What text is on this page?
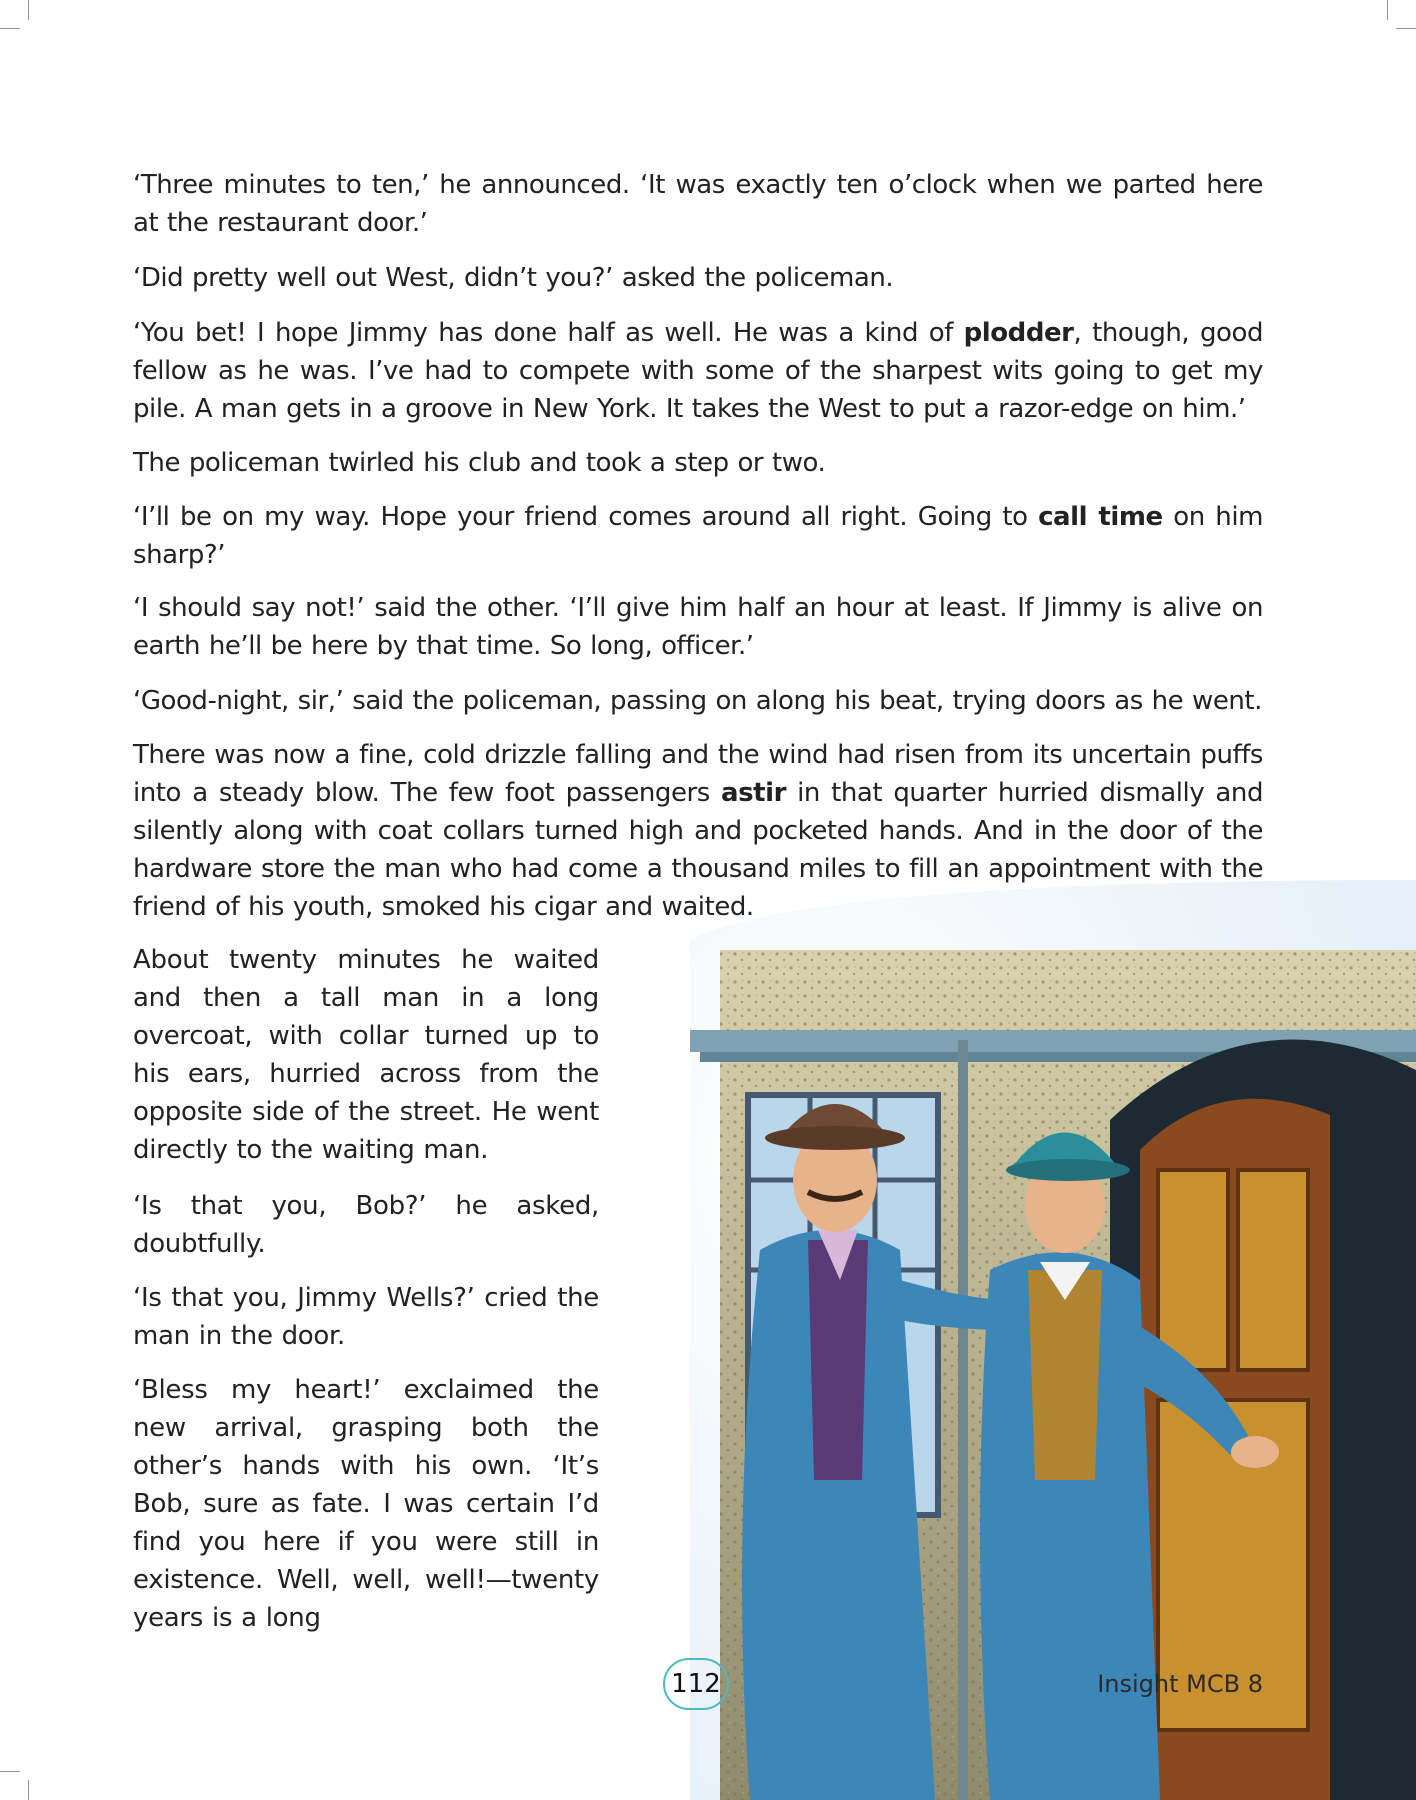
‘Three minutes to ten,’ he announced. ‘It was exactly ten o’clock when we parted here at the restaurant door.’

‘Did pretty well out West, didn’t you?’ asked the policeman.

‘You bet! I hope Jimmy has done half as well. He was a kind of plodder, though, good fellow as he was. I’ve had to compete with some of the sharpest wits going to get my pile. A man gets in a groove in New York. It takes the West to put a razor-edge on him.’

The policeman twirled his club and took a step or two.

‘I’ll be on my way. Hope your friend comes around all right. Going to call time on him sharp?’

‘I should say not!’ said the other. ‘I’ll give him half an hour at least. If Jimmy is alive on earth he’ll be here by that time. So long, officer.’

‘Good-night, sir,’ said the policeman, passing on along his beat, trying doors as he went.

There was now a fine, cold drizzle falling and the wind had risen from its uncertain puffs into a steady blow. The few foot passengers astir in that quarter hurried dismally and silently along with coat collars turned high and pocketed hands. And in the door of the hardware store the man who had come a thousand miles to fill an appointment with the friend of his youth, smoked his cigar and waited.

About twenty minutes he waited and then a tall man in a long overcoat, with collar turned up to his ears, hurried across from the opposite side of the street. He went directly to the waiting man.

‘Is that you, Bob?’ he asked, doubtfully.

‘Is that you, Jimmy Wells?’ cried the man in the door.

‘Bless my heart!’ exclaimed the new arrival, grasping both the other’s hands with his own. ‘It’s Bob, sure as fate. I was certain I’d find you here if you were still in existence. Well, well, well!—twenty years is a long

112	Insight MCB 8
